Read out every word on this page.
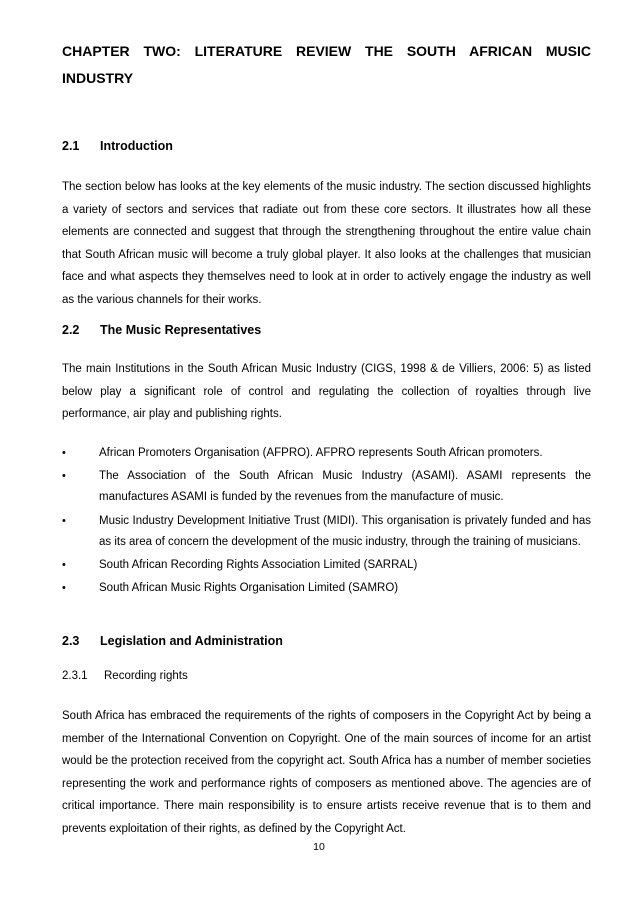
CHAPTER TWO: LITERATURE REVIEW THE SOUTH AFRICAN MUSIC INDUSTRY
2.1 Introduction

The section below has looks at the key elements of the music industry. The section discussed highlights a variety of sectors and services that radiate out from these core sectors. It illustrates how all these elements are connected and suggest that through the strengthening throughout the entire value chain that South African music will become a truly global player. It also looks at the challenges that musician face and what aspects they themselves need to look at in order to actively engage the industry as well as the various channels for their works.

2.2 The Music Representatives

The main Institutions in the South African Music Industry (CIGS, 1998 & de Villiers, 2006: 5) as listed below play a significant role of control and regulating the collection of royalties through live performance, air play and publishing rights.

•	African Promoters Organisation (AFPRO). AFPRO represents South African promoters.
•	The Association of the South African Music Industry (ASAMI). ASAMI represents the manufactures ASAMI is funded by the revenues from the manufacture of music.
•	Music Industry Development Initiative Trust (MIDI). This organisation is privately funded and has as its area of concern the development of the music industry, through the training of musicians.
•	South African Recording Rights Association Limited (SARRAL)
•	South African Music Rights Organisation Limited (SAMRO)
2.3 Legislation and Administration
2.3.1 Recording rights

South Africa has embraced the requirements of the rights of composers in the Copyright Act by being a member of the International Convention on Copyright. One of the main sources of income for an artist would be the protection received from the copyright act. South Africa has a number of member societies representing the work and performance rights of composers as mentioned above. The agencies are of critical importance. There main responsibility is to ensure artists receive revenue that is to them and prevents exploitation of their rights, as defined by the Copyright Act.

10
